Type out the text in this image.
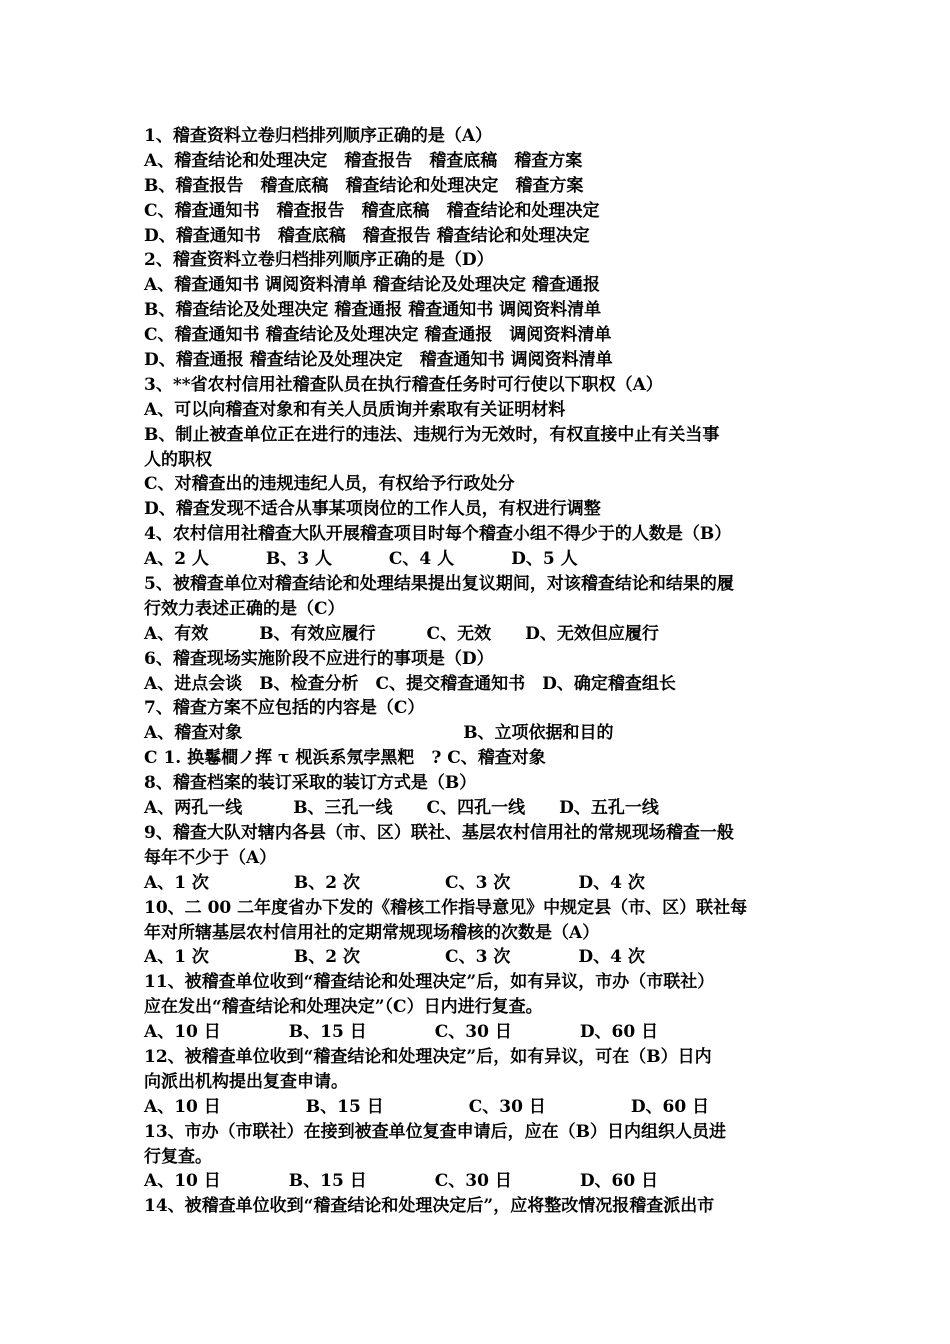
1、稽查资料立卷归档排列顺序正确的是（A）
A、稽查结论和处理决定　稽查报告　稽查底稿　稽查方案
B、稽查报告　稽查底稿　稽查结论和处理决定　稽查方案
C、稽查通知书　稽查报告　稽查底稿　稽查结论和处理决定
D、稽查通知书　稽查底稿　稽查报告 稽查结论和处理决定
2、稽查资料立卷归档排列顺序正确的是（D）
A、稽查通知书 调阅资料清单 稽查结论及处理决定 稽查通报
B、稽查结论及处理决定 稽查通报 稽查通知书 调阅资料清单
C、稽查通知书 稽查结论及处理决定 稽查通报　调阅资料清单
D、稽查通报 稽查结论及处理决定　稽查通知书 调阅资料清单
3、**省农村信用社稽查队员在执行稽查任务时可行使以下职权（A）
A、可以向稽查对象和有关人员质询并索取有关证明材料
B、制止被查单位正在进行的违法、违规行为无效时，有权直接中止有关当事
人的职权
C、对稽查出的违规违纪人员，有权给予行政处分
D、稽查发现不适合从事某项岗位的工作人员，有权进行调整
4、农村信用社稽查大队开展稽查项目时每个稽查小组不得少于的人数是（B）
A、2 人　　　 B、3 人　　　 C、4 人　　　 D、5 人
5、被稽查单位对稽查结论和处理结果提出复议期间，对该稽查结论和结果的履
行效力表述正确的是（C）
A、有效　　　B、有效应履行　　　C、无效　　D、无效但应履行
6、稽查现场实施阶段不应进行的事项是（D）
A、进点会谈　B、检查分析　C、提交稽查通知书　D、确定稽查组长
7、稽查方案不应包括的内容是（C）
A、稽查对象　　　　　　　　　　　　　B、立项依据和目的
C 1. 换鬈橺ノ挥 τ 枧浜系氖孛黑粑　? C、稽查对象
8、稽查档案的装订采取的装订方式是（B）
A、两孔一线　　　B、三孔一线　　C、四孔一线　　D、五孔一线
9、稽查大队对辖内各县（市、区）联社、基层农村信用社的常规现场稽查一般
每年不少于（A）
A、1 次　　　　　B、2 次　　　　　C、3 次　　　　D、4 次
10、二 00 二年度省办下发的《稽核工作指导意见》中规定县（市、区）联社每
年对所辖基层农村信用社的定期常规现场稽核的次数是（A）
A、1 次　　　　　B、2 次　　　　　C、3 次　　　　D、4 次
11、被稽查单位收到“稽查结论和处理决定”后，如有异议，市办（市联社）
应在发出“稽查结论和处理决定”（C）日内进行复查。
A、10 日　　　　B、15 日　　　　C、30 日　　　　D、60 日
12、被稽查单位收到“稽查结论和处理决定”后，如有异议，可在（B）日内
向派出机构提出复查申请。
A、10 日　　　　　B、15 日　　　　　C、30 日　　　　　D、60 日
13、市办（市联社）在接到被查单位复查申请后，应在（B）日内组织人员进
行复查。
A、10 日　　　　B、15 日　　　　C、30 日　　　　D、60 日
14、被稽查单位收到“稽查结论和处理决定后”，应将整改情况报稽查派出市
